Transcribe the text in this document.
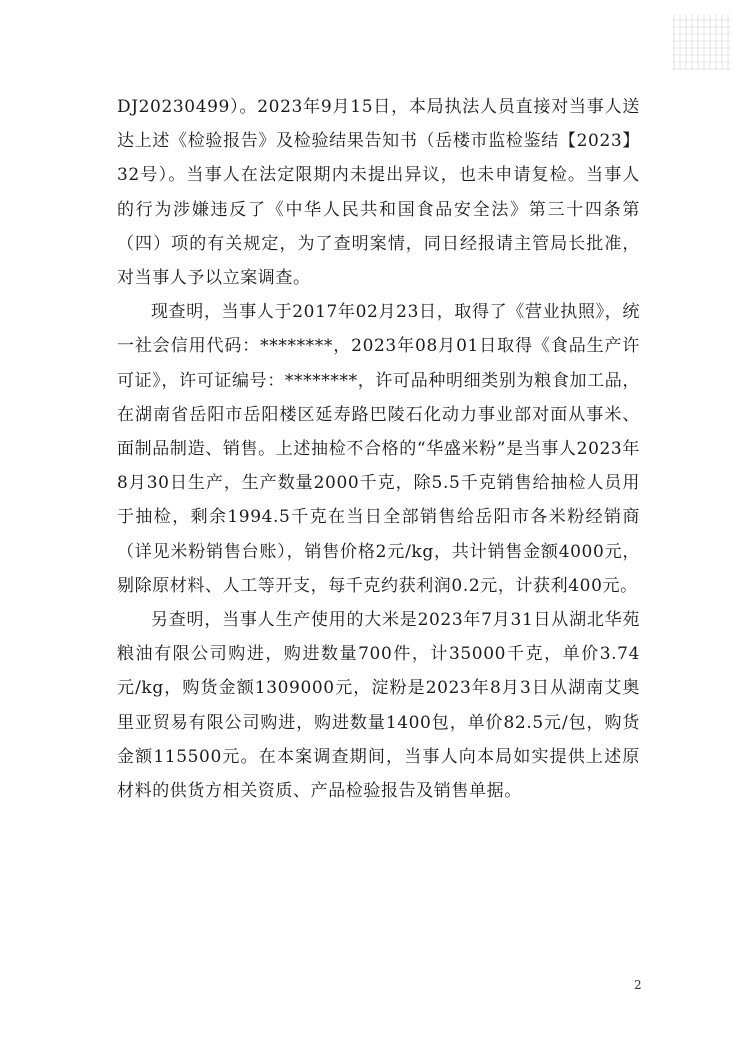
DJ20230499）。2023年9月15日，本局执法人员直接对当事人送达上述《检验报告》及检验结果告知书（岳楼市监检鉴结【2023】32号）。当事人在法定限期内未提出异议，也未申请复检。当事人的行为涉嫌违反了《中华人民共和国食品安全法》第三十四条第（四）项的有关规定，为了查明案情，同日经报请主管局长批准，对当事人予以立案调查。

现查明，当事人于2017年02月23日，取得了《营业执照》，统一社会信用代码：********，2023年08月01日取得《食品生产许可证》，许可证编号：********，许可品种明细类别为粮食加工品，在湖南省岳阳市岳阳楼区延寿路巴陵石化动力事业部对面从事米、面制品制造、销售。上述抽检不合格的“华盛米粉”是当事人2023年8月30日生产，生产数量2000千克，除5.5千克销售给抽检人员用于抽检，剩余1994.5千克在当日全部销售给岳阳市各米粉经销商（详见米粉销售台账），销售价格2元/kg，共计销售金额4000元，剔除原材料、人工等开支，每千克约获利润0.2元，计获利400元。

另查明，当事人生产使用的大米是2023年7月31日从湖北华苑粮油有限公司购进，购进数量700件，计35000千克，单价3.74元/kg，购货金额1309000元，淀粉是2023年8月3日从湖南艾奥里亚贸易有限公司购进，购进数量1400包，单价82.5元/包，购货金额115500元。在本案调查期间，当事人向本局如实提供上述原材料的供货方相关资质、产品检验报告及销售单据。

2
